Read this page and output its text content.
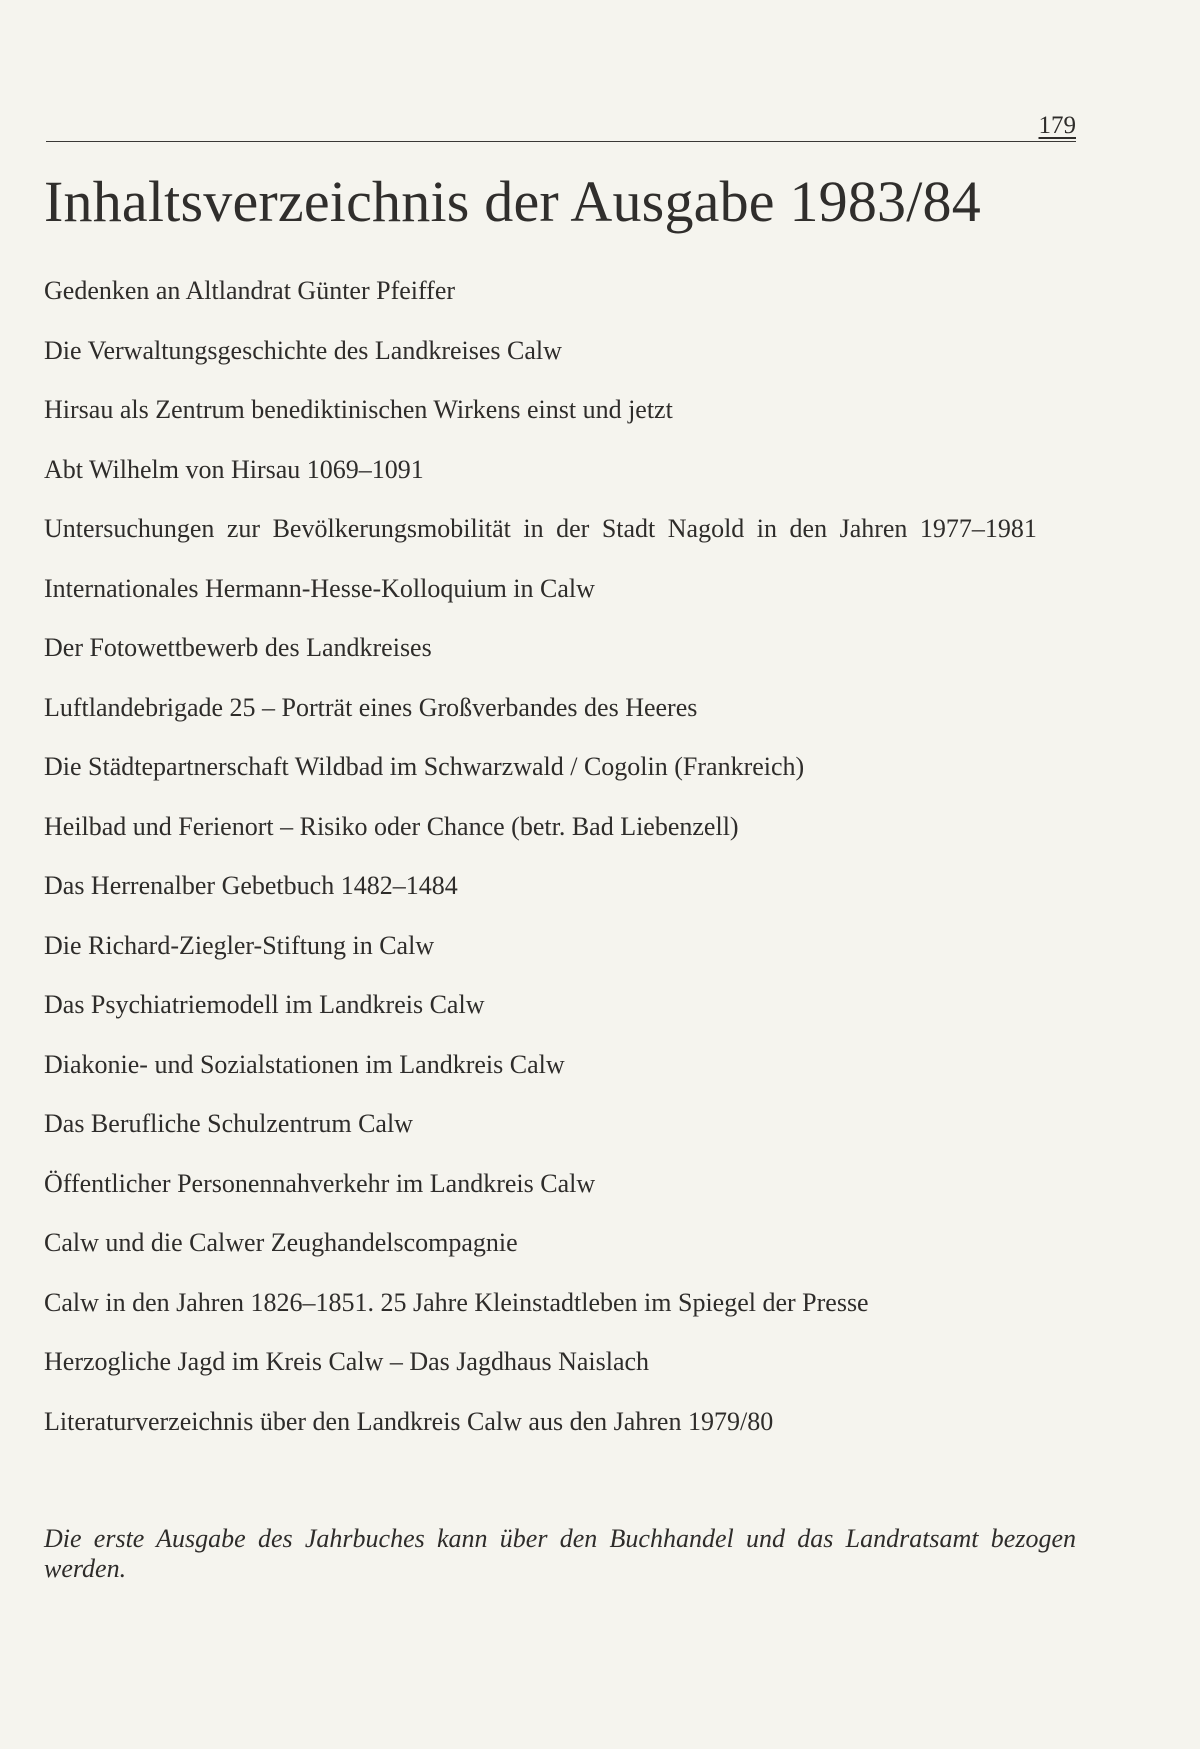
179
Inhaltsverzeichnis der Ausgabe 1983/84
Gedenken an Altlandrat Günter Pfeiffer
Die Verwaltungsgeschichte des Landkreises Calw
Hirsau als Zentrum benediktinischen Wirkens einst und jetzt
Abt Wilhelm von Hirsau 1069–1091
Untersuchungen zur Bevölkerungsmobilität in der Stadt Nagold in den Jahren 1977–1981
Internationales Hermann-Hesse-Kolloquium in Calw
Der Fotowettbewerb des Landkreises
Luftlandebrigade 25 – Porträt eines Großverbandes des Heeres
Die Städtepartnerschaft Wildbad im Schwarzwald / Cogolin (Frankreich)
Heilbad und Ferienort – Risiko oder Chance (betr. Bad Liebenzell)
Das Herrenalber Gebetbuch 1482–1484
Die Richard-Ziegler-Stiftung in Calw
Das Psychiatriemodell im Landkreis Calw
Diakonie- und Sozialstationen im Landkreis Calw
Das Berufliche Schulzentrum Calw
Öffentlicher Personennahverkehr im Landkreis Calw
Calw und die Calwer Zeughandelscompagnie
Calw in den Jahren 1826–1851. 25 Jahre Kleinstadtleben im Spiegel der Presse
Herzogliche Jagd im Kreis Calw – Das Jagdhaus Naislach
Literaturverzeichnis über den Landkreis Calw aus den Jahren 1979/80

Die erste Ausgabe des Jahrbuches kann über den Buchhandel und das Landratsamt bezogen werden.
